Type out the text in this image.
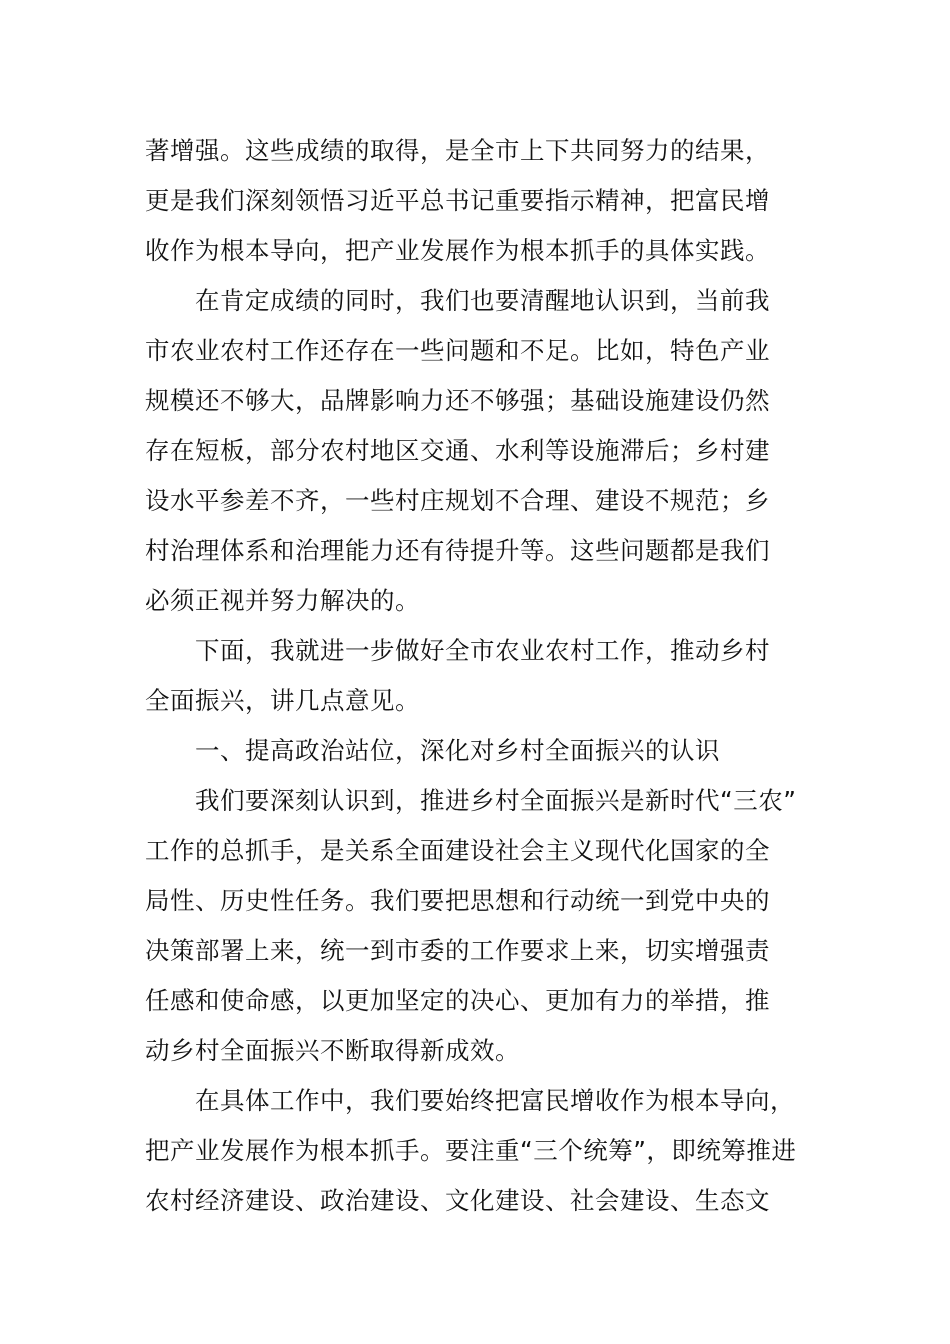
著增强。这些成绩的取得，是全市上下共同努力的结果，
更是我们深刻领悟习近平总书记重要指示精神，把富民增
收作为根本导向，把产业发展作为根本抓手的具体实践。
在肯定成绩的同时，我们也要清醒地认识到，当前我
市农业农村工作还存在一些问题和不足。比如，特色产业
规模还不够大，品牌影响力还不够强；基础设施建设仍然
存在短板，部分农村地区交通、水利等设施滞后；乡村建
设水平参差不齐，一些村庄规划不合理、建设不规范；乡
村治理体系和治理能力还有待提升等。这些问题都是我们
必须正视并努力解决的。
下面，我就进一步做好全市农业农村工作，推动乡村
全面振兴，讲几点意见。
一、提高政治站位，深化对乡村全面振兴的认识
我们要深刻认识到，推进乡村全面振兴是新时代“三农”
工作的总抓手，是关系全面建设社会主义现代化国家的全
局性、历史性任务。我们要把思想和行动统一到党中央的
决策部署上来，统一到市委的工作要求上来，切实增强责
任感和使命感，以更加坚定的决心、更加有力的举措，推
动乡村全面振兴不断取得新成效。
在具体工作中，我们要始终把富民增收作为根本导向，
把产业发展作为根本抓手。要注重“三个统筹”，即统筹推进
农村经济建设、政治建设、文化建设、社会建设、生态文
